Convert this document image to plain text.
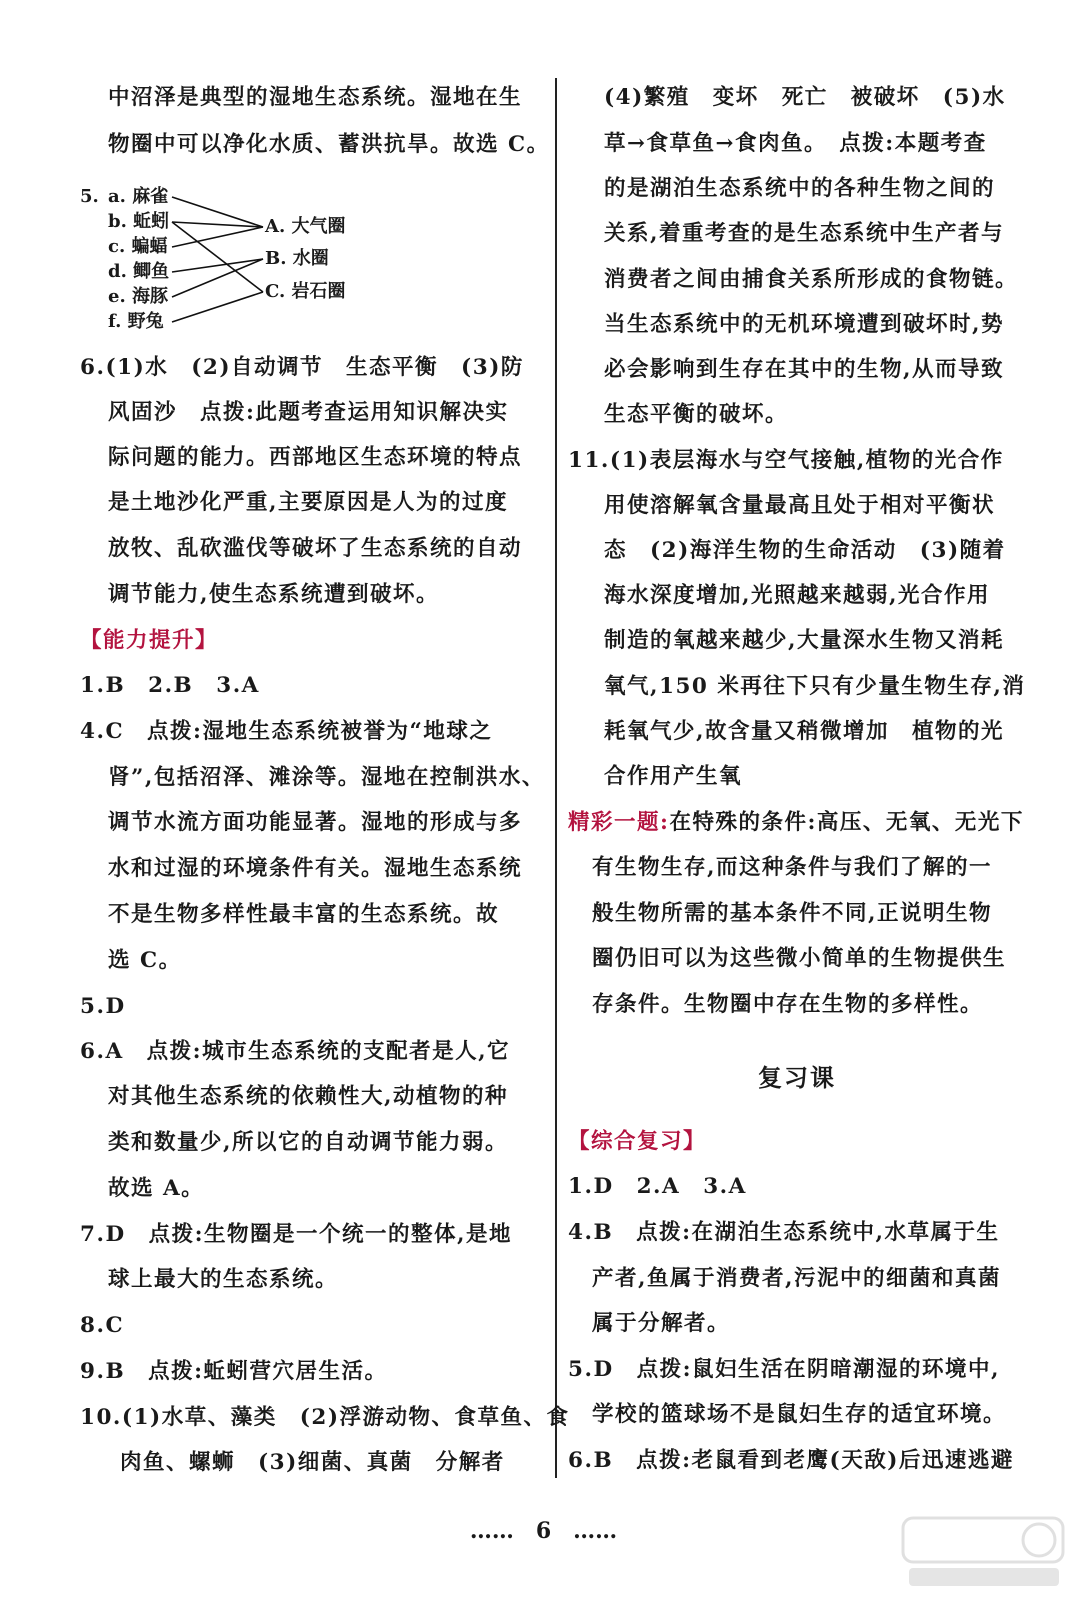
中沼泽是典型的湿地生态系统。湿地在生
物圈中可以净化水质、蓄洪抗旱。故选 C。
5. a. 麻雀
b. 蚯蚓
c. 蝙蝠
d. 鲫鱼
e. 海豚
f. 野兔
A. 大气圈
B. 水圈
C. 岩石圈
6.(1)水　(2)自动调节　生态平衡　(3)防
风固沙　点拨:此题考查运用知识解决实
际问题的能力。西部地区生态环境的特点
是土地沙化严重,主要原因是人为的过度
放牧、乱砍滥伐等破坏了生态系统的自动
调节能力,使生态系统遭到破坏。
【能力提升】
1.B　2.B　3.A
4.C　点拨:湿地生态系统被誉为“地球之
肾”,包括沼泽、滩涂等。湿地在控制洪水、
调节水流方面功能显著。湿地的形成与多
水和过湿的环境条件有关。湿地生态系统
不是生物多样性最丰富的生态系统。故
选 C。
5.D
6.A　点拨:城市生态系统的支配者是人,它
对其他生态系统的依赖性大,动植物的种
类和数量少,所以它的自动调节能力弱。
故选 A。
7.D　点拨:生物圈是一个统一的整体,是地
球上最大的生态系统。
8.C
9.B　点拨:蚯蚓营穴居生活。
10.(1)水草、藻类　(2)浮游动物、食草鱼、食
肉鱼、螺蛳　(3)细菌、真菌　分解者
(4)繁殖　变坏　死亡　被破坏　(5)水
草→食草鱼→食肉鱼。　点拨:本题考查
的是湖泊生态系统中的各种生物之间的
关系,着重考查的是生态系统中生产者与
消费者之间由捕食关系所形成的食物链。
当生态系统中的无机环境遭到破坏时,势
必会影响到生存在其中的生物,从而导致
生态平衡的破坏。
11.(1)表层海水与空气接触,植物的光合作
用使溶解氧含量最高且处于相对平衡状
态　(2)海洋生物的生命活动　(3)随着
海水深度增加,光照越来越弱,光合作用
制造的氧越来越少,大量深水生物又消耗
氧气,150 米再往下只有少量生物生存,消
耗氧气少,故含量又稍微增加　植物的光
合作用产生氧
精彩一题:在特殊的条件:高压、无氧、无光下
有生物生存,而这种条件与我们了解的一
般生物所需的基本条件不同,正说明生物
圈仍旧可以为这些微小简单的生物提供生
存条件。生物圈中存在生物的多样性。
复习课
【综合复习】
1.D　2.A　3.A
4.B　点拨:在湖泊生态系统中,水草属于生
产者,鱼属于消费者,污泥中的细菌和真菌
属于分解者。
5.D　点拨:鼠妇生活在阴暗潮湿的环境中,
学校的篮球场不是鼠妇生存的适宜环境。
6.B　点拨:老鼠看到老鹰(天敌)后迅速逃避
……　6　……
